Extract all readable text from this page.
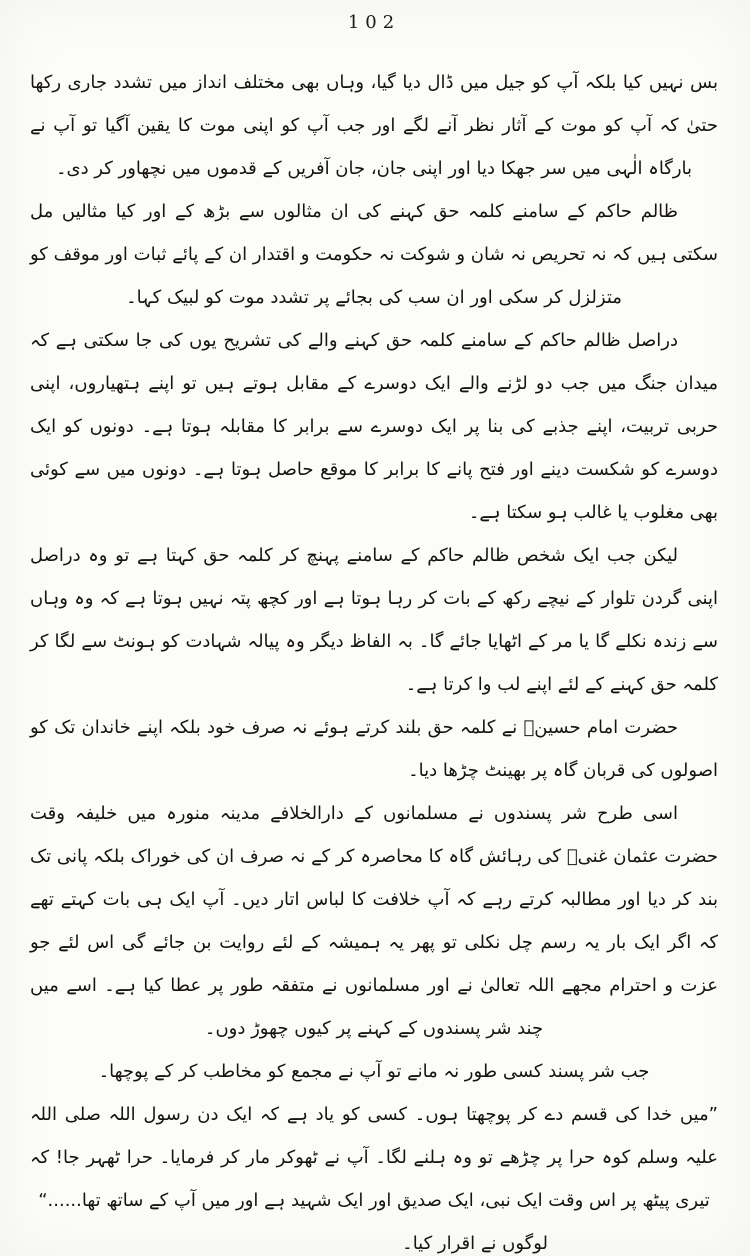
102

بس نہیں کیا بلکہ آپ کو جیل میں ڈال دیا گیا، وہاں بھی مختلف انداز میں تشدد جاری رکھا حتیٰ کہ آپ کو موت کے آثار نظر آنے لگے اور جب آپ کو اپنی موت کا یقین آگیا تو آپ نے بارگاہ الٰہی میں سر جھکا دیا اور اپنی جان، جان آفریں کے قدموں میں نچھاور کر دی۔

ظالم حاکم کے سامنے کلمہ حق کہنے کی ان مثالوں سے بڑھ کے اور کیا مثالیں مل سکتی ہیں کہ نہ تحریص نہ شان و شوکت نہ حکومت و اقتدار ان کے پائے ثبات اور موقف کو متزلزل کر سکی اور ان سب کی بجائے پر تشدد موت کو لبیک کہا۔

دراصل ظالم حاکم کے سامنے کلمہ حق کہنے والے کی تشریح یوں کی جا سکتی ہے کہ میدان جنگ میں جب دو لڑنے والے ایک دوسرے کے مقابل ہوتے ہیں تو اپنے ہتھیاروں، اپنی حربی تربیت، اپنے جذبے کی بنا پر ایک دوسرے سے برابر کا مقابلہ ہوتا ہے۔ دونوں کو ایک دوسرے کو شکست دینے اور فتح پانے کا برابر کا موقع حاصل ہوتا ہے۔ دونوں میں سے کوئی بھی مغلوب یا غالب ہو سکتا ہے۔

لیکن جب ایک شخص ظالم حاکم کے سامنے پہنچ کر کلمہ حق کہتا ہے تو وہ دراصل اپنی گردن تلوار کے نیچے رکھ کے بات کر رہا ہوتا ہے اور کچھ پتہ نہیں ہوتا ہے کہ وہ وہاں سے زندہ نکلے گا یا مر کے اٹھایا جائے گا۔ بہ الفاظ دیگر وہ پیالہ شہادت کو ہونٹ سے لگا کر کلمہ حق کہنے کے لئے اپنے لب وا کرتا ہے۔

حضرت امام حسینؓ نے کلمہ حق بلند کرتے ہوئے نہ صرف خود بلکہ اپنے خاندان تک کو اصولوں کی قربان گاہ پر بھینٹ چڑھا دیا۔

اسی طرح شر پسندوں نے مسلمانوں کے دارالخلافے مدینہ منورہ میں خلیفہ وقت حضرت عثمان غنیؓ کی رہائش گاہ کا محاصرہ کر کے نہ صرف ان کی خوراک بلکہ پانی تک بند کر دیا اور مطالبہ کرتے رہے کہ آپ خلافت کا لباس اتار دیں۔ آپ ایک ہی بات کہتے تھے کہ اگر ایک بار یہ رسم چل نکلی تو پھر یہ ہمیشہ کے لئے روایت بن جائے گی اس لئے جو عزت و احترام مجھے اللہ تعالیٰ نے اور مسلمانوں نے متفقہ طور پر عطا کیا ہے۔ اسے میں چند شر پسندوں کے کہنے پر کیوں چھوڑ دوں۔

جب شر پسند کسی طور نہ مانے تو آپ نے مجمع کو مخاطب کر کے پوچھا۔

”میں خدا کی قسم دے کر پوچھتا ہوں۔ کسی کو یاد ہے کہ ایک دن رسول اللہ صلی اللہ علیہ وسلم کوہ حرا پر چڑھے تو وہ ہلنے لگا۔ آپ نے ٹھوکر مار کر فرمایا۔ حرا ٹھہر جا! کہ تیری پیٹھ پر اس وقت ایک نبی، ایک صدیق اور ایک شہید ہے اور میں آپ کے ساتھ تھا......“

لوگوں نے اقرار کیا۔
